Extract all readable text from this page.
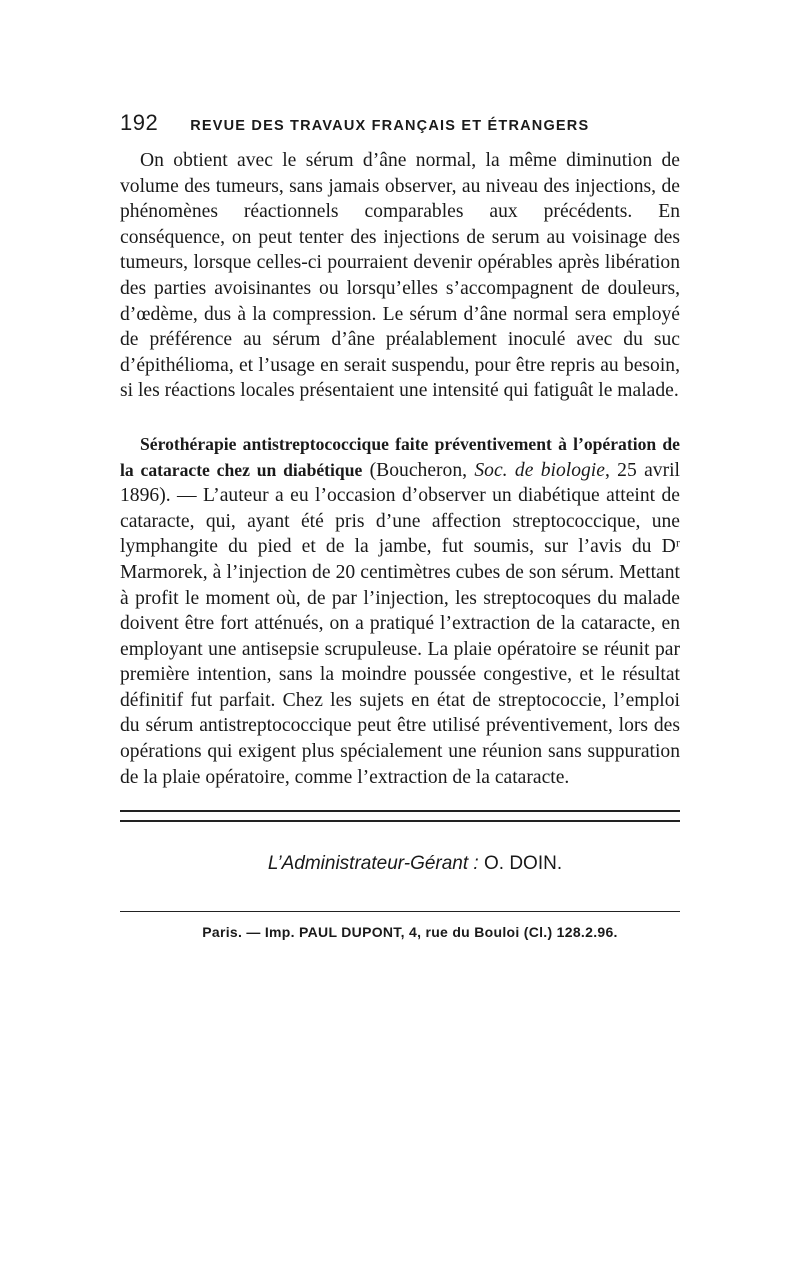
192 REVUE DES TRAVAUX FRANÇAIS ET ÉTRANGERS

On obtient avec le sérum d’âne normal, la même diminution de volume des tumeurs, sans jamais observer, au niveau des injections, de phénomènes réactionnels comparables aux précédents. En conséquence, on peut tenter des injections de serum au voisinage des tumeurs, lorsque celles-ci pourraient devenir opérables après libération des parties avoisinantes ou lorsqu’elles s’accompagnent de douleurs, d’œdème, dus à la compression. Le sérum d’âne normal sera employé de préférence au sérum d’âne préalablement inoculé avec du suc d’épithélioma, et l’usage en serait suspendu, pour être repris au besoin, si les réactions locales présentaient une intensité qui fatiguât le malade.

Sérothérapie antistreptococcique faite préventivement à l’opération de la cataracte chez un diabétique (Boucheron, Soc. de biologie, 25 avril 1896). — L’auteur a eu l’occasion d’observer un diabétique atteint de cataracte, qui, ayant été pris d’une affection streptococcique, une lymphangite du pied et de la jambe, fut soumis, sur l’avis du Dʳ Marmorek, à l’injection de 20 centimètres cubes de son sérum. Mettant à profit le moment où, de par l’injection, les streptocoques du malade doivent être fort atténués, on a pratiqué l’extraction de la cataracte, en employant une antisepsie scrupuleuse. La plaie opératoire se réunit par première intention, sans la moindre poussée congestive, et le résultat définitif fut parfait. Chez les sujets en état de streptococcie, l’emploi du sérum antistreptococcique peut être utilisé préventivement, lors des opérations qui exigent plus spécialement une réunion sans suppuration de la plaie opératoire, comme l’extraction de la cataracte.

L’Administrateur-Gérant : O. DOIN.
Paris. — Imp. PAUL DUPONT, 4, rue du Bouloi (Cl.) 128.2.96.
